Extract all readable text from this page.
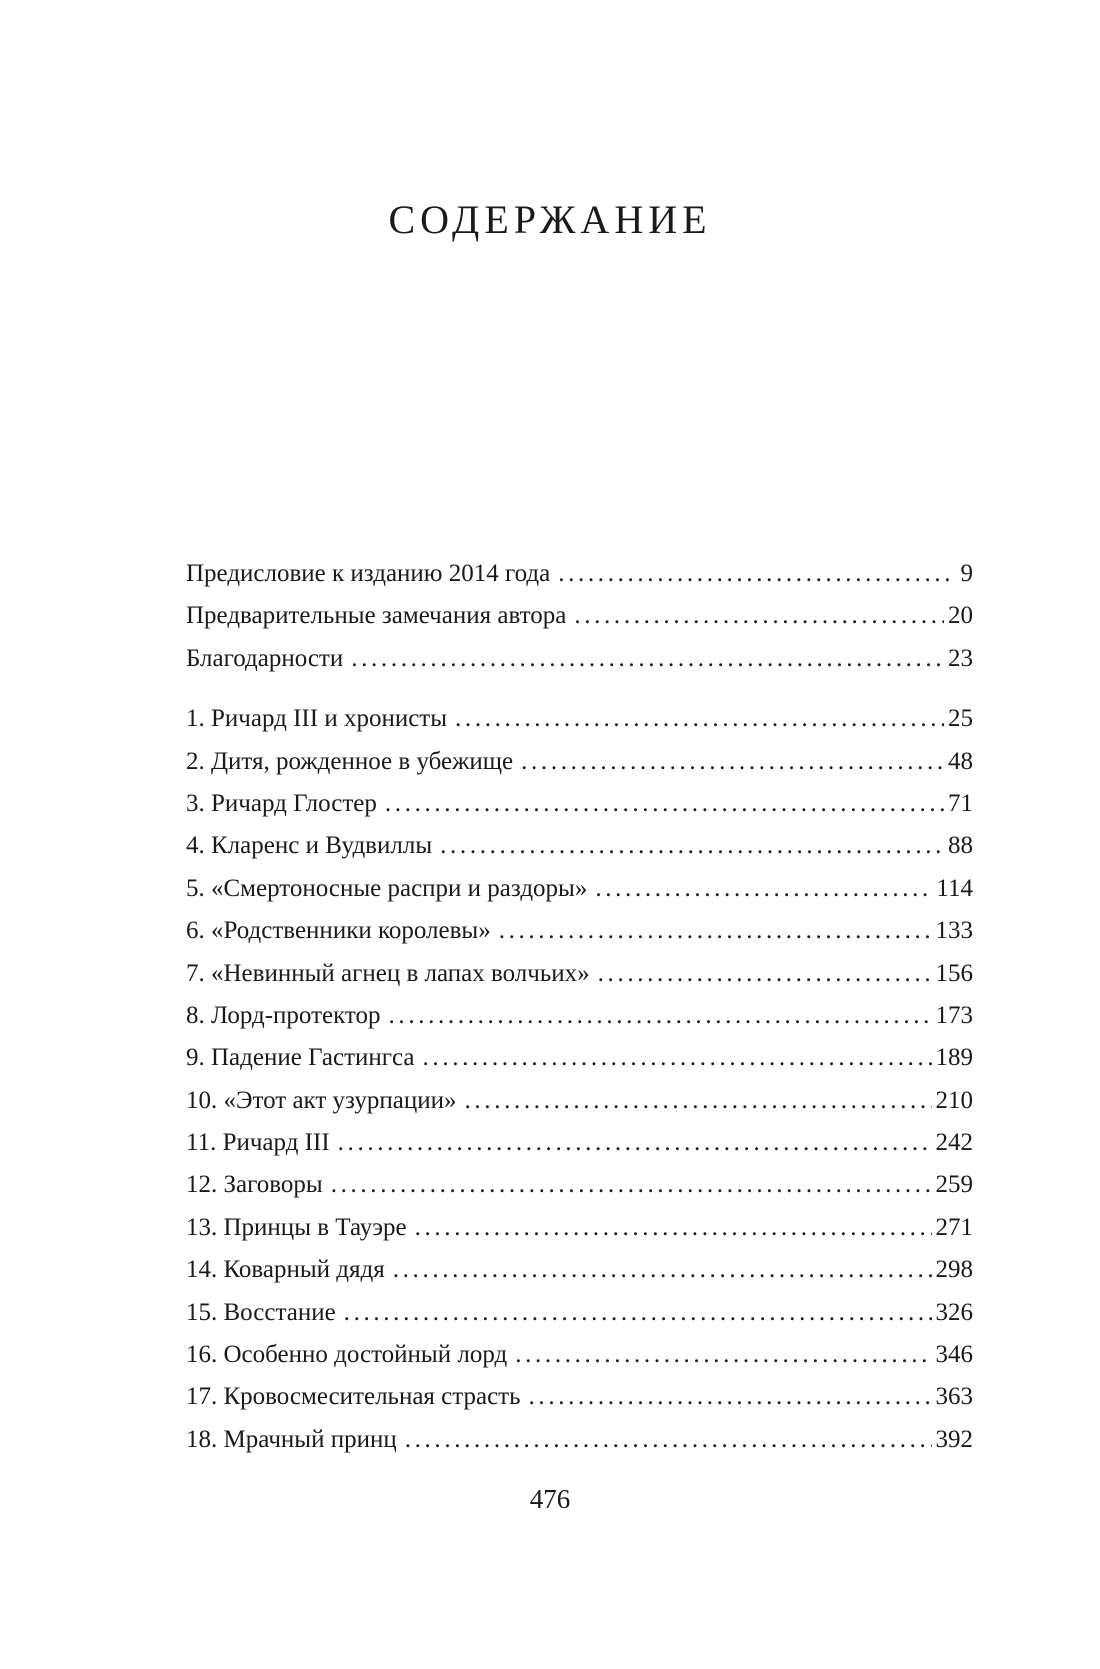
СОДЕРЖАНИЕ
Предисловие к изданию 2014 года . . .	9
Предварительные замечания автора . . .	20
Благодарности . . .	23
1. Ричард III и хронисты . . .	25
2. Дитя, рожденное в убежище . . .	48
3. Ричард Глостер . . .	71
4. Кларенс и Вудвиллы . . .	88
5. «Смертоносные распри и раздоры» . . .	114
6. «Родственники королевы» . . .	133
7. «Невинный агнец в лапах волчьих» . . .	156
8. Лорд-протектор . . .	173
9. Падение Гастингса . . .	189
10. «Этот акт узурпации» . . .	210
11. Ричард III . . .	242
12. Заговоры . . .	259
13. Принцы в Тауэре . . .	271
14. Коварный дядя . . .	298
15. Восстание . . .	326
16. Особенно достойный лорд . . .	346
17. Кровосмесительная страсть . . .	363
18. Мрачный принц . . .	392
476
